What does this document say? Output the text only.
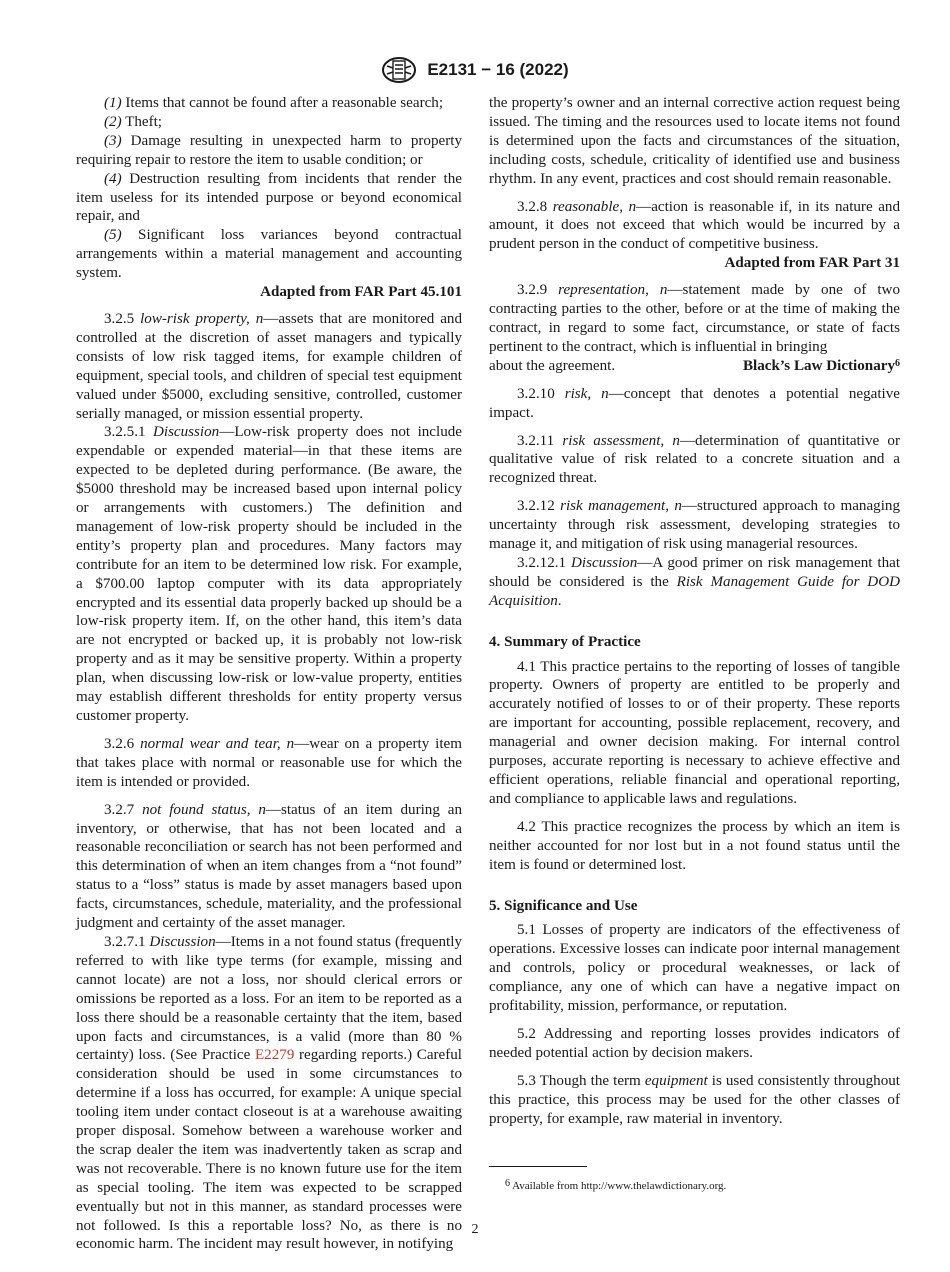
E2131 − 16 (2022)

(1) Items that cannot be found after a reasonable search;

(2) Theft;

(3) Damage resulting in unexpected harm to property requiring repair to restore the item to usable condition; or

(4) Destruction resulting from incidents that render the item useless for its intended purpose or beyond economical repair, and

(5) Significant loss variances beyond contractual arrangements within a material management and accounting system.

Adapted from FAR Part 45.101

3.2.5 low-risk property, n—assets that are monitored and controlled at the discretion of asset managers and typically consists of low risk tagged items, for example children of equipment, special tools, and children of special test equipment valued under $5000, excluding sensitive, controlled, customer serially managed, or mission essential property.

3.2.5.1 Discussion—Low-risk property does not include expendable or expended material—in that these items are expected to be depleted during performance. (Be aware, the $5000 threshold may be increased based upon internal policy or arrangements with customers.) The definition and management of low-risk property should be included in the entity’s property plan and procedures. Many factors may contribute for an item to be determined low risk. For example, a $700.00 laptop computer with its data appropriately encrypted and its essential data properly backed up should be a low-risk property item. If, on the other hand, this item’s data are not encrypted or backed up, it is probably not low-risk property and as it may be sensitive property. Within a property plan, when discussing low-risk or low-value property, entities may establish different thresholds for entity property versus customer property.

3.2.6 normal wear and tear, n—wear on a property item that takes place with normal or reasonable use for which the item is intended or provided.

3.2.7 not found status, n—status of an item during an inventory, or otherwise, that has not been located and a reasonable reconciliation or search has not been performed and this determination of when an item changes from a “not found” status to a “loss” status is made by asset managers based upon facts, circumstances, schedule, materiality, and the professional judgment and certainty of the asset manager.

3.2.7.1 Discussion—Items in a not found status (frequently referred to with like type terms (for example, missing and cannot locate) are not a loss, nor should clerical errors or omissions be reported as a loss. For an item to be reported as a loss there should be a reasonable certainty that the item, based upon facts and circumstances, is a valid (more than 80 % certainty) loss. (See Practice E2279 regarding reports.) Careful consideration should be used in some circumstances to determine if a loss has occurred, for example: A unique special tooling item under contact closeout is at a warehouse awaiting proper disposal. Somehow between a warehouse worker and the scrap dealer the item was inadvertently taken as scrap and was not recoverable. There is no known future use for the item as special tooling. The item was expected to be scrapped eventually but not in this manner, as standard processes were not followed. Is this a reportable loss? No, as there is no economic harm. The incident may result however, in notifying

the property’s owner and an internal corrective action request being issued. The timing and the resources used to locate items not found is determined upon the facts and circumstances of the situation, including costs, schedule, criticality of identified use and business rhythm. In any event, practices and cost should remain reasonable.

3.2.8 reasonable, n—action is reasonable if, in its nature and amount, it does not exceed that which would be incurred by a prudent person in the conduct of competitive business.

Adapted from FAR Part 31

3.2.9 representation, n—statement made by one of two contracting parties to the other, before or at the time of making the contract, in regard to some fact, circumstance, or state of facts pertinent to the contract, which is influential in bringing

about the agreement.	Black’s Law Dictionary$^6$

3.2.10 risk, n—concept that denotes a potential negative impact.

3.2.11 risk assessment, n—determination of quantitative or qualitative value of risk related to a concrete situation and a recognized threat.

3.2.12 risk management, n—structured approach to managing uncertainty through risk assessment, developing strategies to manage it, and mitigation of risk using managerial resources.

3.2.12.1 Discussion—A good primer on risk management that should be considered is the Risk Management Guide for DOD Acquisition.

4. Summary of Practice

4.1 This practice pertains to the reporting of losses of tangible property. Owners of property are entitled to be properly and accurately notified of losses to or of their property. These reports are important for accounting, possible replacement, recovery, and managerial and owner decision making. For internal control purposes, accurate reporting is necessary to achieve effective and efficient operations, reliable financial and operational reporting, and compliance to applicable laws and regulations.

4.2 This practice recognizes the process by which an item is neither accounted for nor lost but in a not found status until the item is found or determined lost.

5. Significance and Use

5.1 Losses of property are indicators of the effectiveness of operations. Excessive losses can indicate poor internal management and controls, policy or procedural weaknesses, or lack of compliance, any one of which can have a negative impact on profitability, mission, performance, or reputation.

5.2 Addressing and reporting losses provides indicators of needed potential action by decision makers.

5.3 Though the term equipment is used consistently throughout this practice, this process may be used for the other classes of property, for example, raw material in inventory.

6 Available from http://www.thelawdictionary.org.
2
